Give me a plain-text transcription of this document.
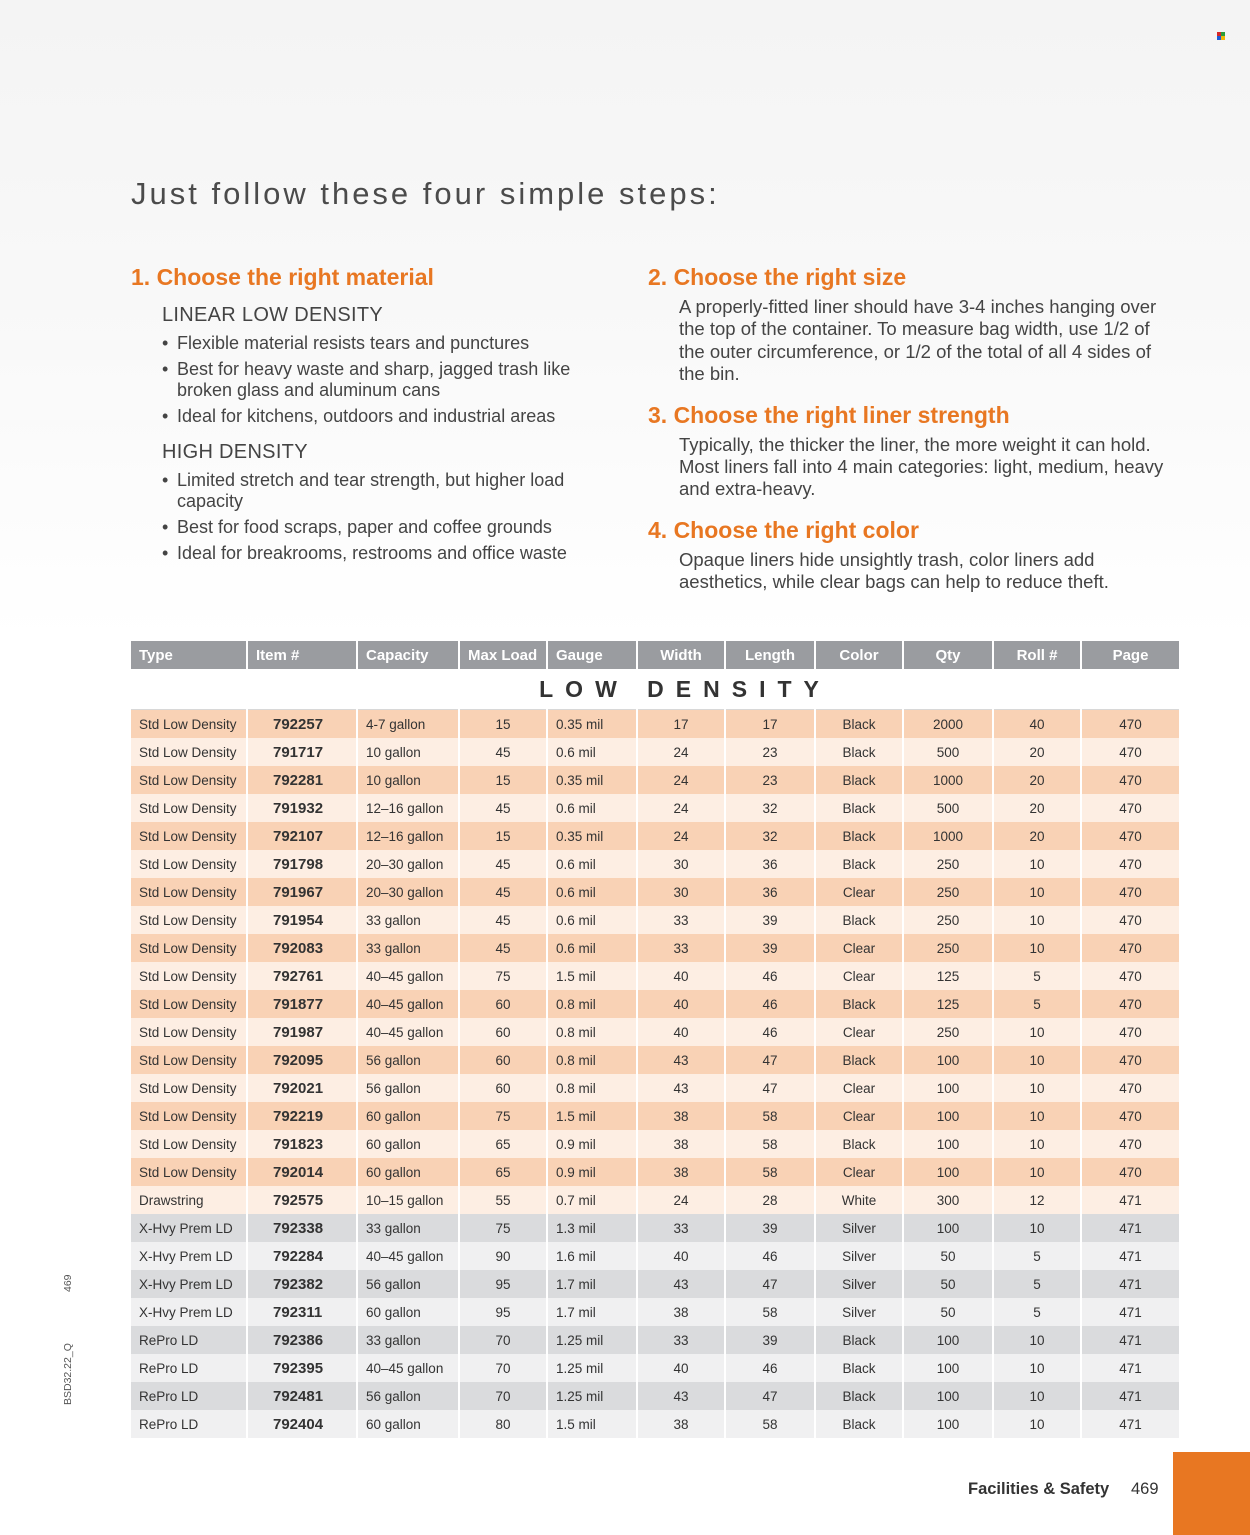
Just follow these four simple steps:
1. Choose the right material
LINEAR LOW DENSITY
• Flexible material resists tears and punctures
• Best for heavy waste and sharp, jagged trash like broken glass and aluminum cans
• Ideal for kitchens, outdoors and industrial areas
HIGH DENSITY
• Limited stretch and tear strength, but higher load capacity
• Best for food scraps, paper and coffee grounds
• Ideal for breakrooms, restrooms and office waste
2. Choose the right size

A properly-fitted liner should have 3-4 inches hanging over the top of the container. To measure bag width, use 1/2 of the outer circumference, or 1/2 of the total of all 4 sides of the bin.

3. Choose the right liner strength

Typically, the thicker the liner, the more weight it can hold. Most liners fall into 4 main categories: light, medium, heavy and extra-heavy.

4. Choose the right color

Opaque liners hide unsightly trash, color liners add aesthetics, while clear bags can help to reduce theft.

Type	Item #	Capacity	Max Load	Gauge	Width	Length	Color	Qty	Roll #	Page
LOW DENSITY										
Std Low Density	792257	4-7 gallon	15	0.35 mil	17	17	Black	2000	40	470
Std Low Density	791717	10 gallon	45	0.6 mil	24	23	Black	500	20	470
Std Low Density	792281	10 gallon	15	0.35 mil	24	23	Black	1000	20	470
Std Low Density	791932	12–16 gallon	45	0.6 mil	24	32	Black	500	20	470
Std Low Density	792107	12–16 gallon	15	0.35 mil	24	32	Black	1000	20	470
Std Low Density	791798	20–30 gallon	45	0.6 mil	30	36	Black	250	10	470
Std Low Density	791967	20–30 gallon	45	0.6 mil	30	36	Clear	250	10	470
Std Low Density	791954	33 gallon	45	0.6 mil	33	39	Black	250	10	470
Std Low Density	792083	33 gallon	45	0.6 mil	33	39	Clear	250	10	470
Std Low Density	792761	40–45 gallon	75	1.5 mil	40	46	Clear	125	5	470
Std Low Density	791877	40–45 gallon	60	0.8 mil	40	46	Black	125	5	470
Std Low Density	791987	40–45 gallon	60	0.8 mil	40	46	Clear	250	10	470
Std Low Density	792095	56 gallon	60	0.8 mil	43	47	Black	100	10	470
Std Low Density	792021	56 gallon	60	0.8 mil	43	47	Clear	100	10	470
Std Low Density	792219	60 gallon	75	1.5 mil	38	58	Clear	100	10	470
Std Low Density	791823	60 gallon	65	0.9 mil	38	58	Black	100	10	470
Std Low Density	792014	60 gallon	65	0.9 mil	38	58	Clear	100	10	470
Drawstring	792575	10–15 gallon	55	0.7 mil	24	28	White	300	12	471
X-Hvy Prem LD	792338	33 gallon	75	1.3 mil	33	39	Silver	100	10	471
X-Hvy Prem LD	792284	40–45 gallon	90	1.6 mil	40	46	Silver	50	5	471
X-Hvy Prem LD	792382	56 gallon	95	1.7 mil	43	47	Silver	50	5	471
X-Hvy Prem LD	792311	60 gallon	95	1.7 mil	38	58	Silver	50	5	471
RePro LD	792386	33 gallon	70	1.25 mil	33	39	Black	100	10	471
RePro LD	792395	40–45 gallon	70	1.25 mil	40	46	Black	100	10	471
RePro LD	792481	56 gallon	70	1.25 mil	43	47	Black	100	10	471
RePro LD	792404	60 gallon	80	1.5 mil	38	58	Black	100	10	471
469
BSD32.22_Q
Facilities & Safety 469
